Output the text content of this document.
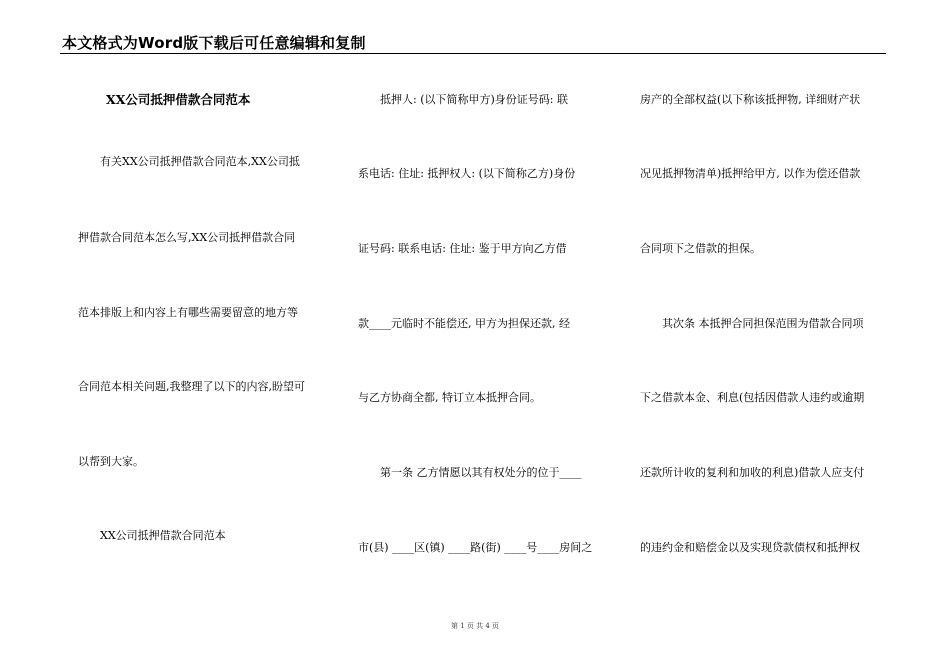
本文格式为Word版下载后可任意编辑和复制
XX公司抵押借款合同范本
有关XX公司抵押借款合同范本,XX公司抵
押借款合同范本怎么写,XX公司抵押借款合同
范本排版上和内容上有哪些需要留意的地方等
合同范本相关问题,我整理了以下的内容,盼望可
以帮到大家。
XX公司抵押借款合同范本
抵押人: (以下简称甲方)身份证号码: 联
系电话: 住址: 抵押权人: (以下简称乙方)身份
证号码: 联系电话: 住址: 鉴于甲方向乙方借
款____元临时不能偿还, 甲方为担保还款, 经
与乙方协商全都, 特订立本抵押合同。
第一条 乙方情愿以其有权处分的位于____
市(县) ____区(镇) ____路(街) ____号____房间之
房产的全部权益(以下称该抵押物, 详细财产状
况见抵押物清单)抵押给甲方, 以作为偿还借款
合同项下之借款的担保。
其次条 本抵押合同担保范围为借款合同项
下之借款本金、利息(包括因借款人违约或逾期
还款所计收的复利和加收的利息)借款人应支付
的违约金和赔偿金以及实现贷款债权和抵押权
第 1 页 共 4 页
